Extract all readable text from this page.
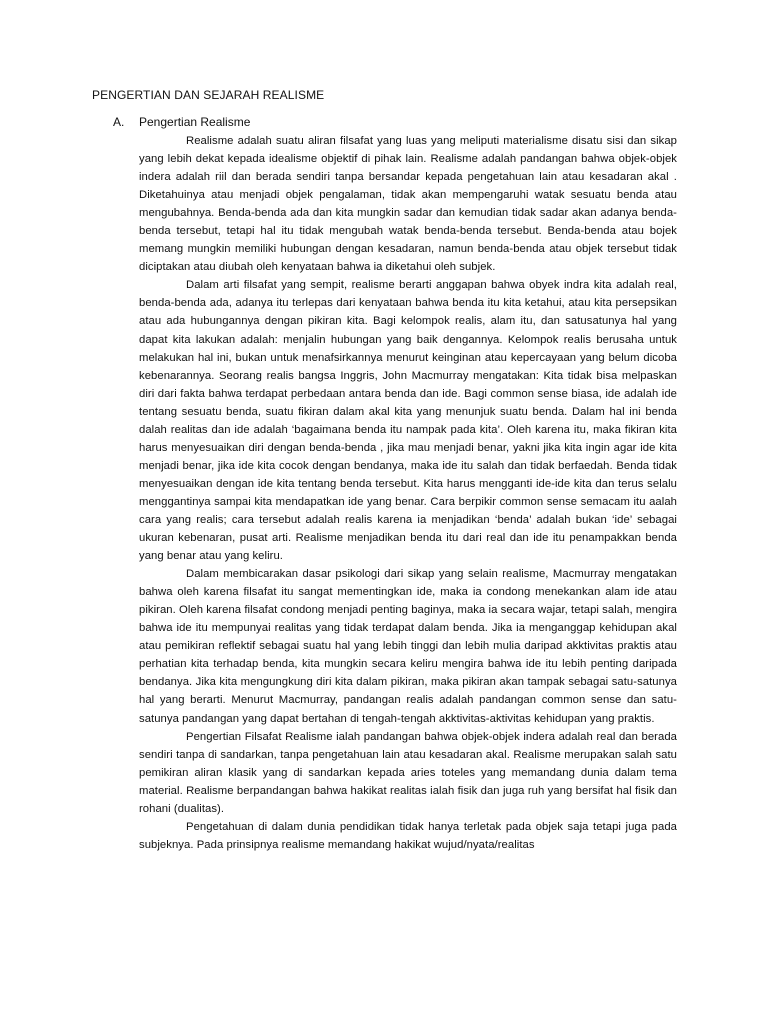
PENGERTIAN DAN SEJARAH REALISME
A. Pengertian Realisme

Realisme adalah suatu aliran filsafat yang luas yang meliputi materialisme disatu sisi dan sikap yang lebih dekat kepada idealisme objektif di pihak lain. Realisme adalah pandangan bahwa objek-objek indera adalah riil dan berada sendiri tanpa bersandar kepada pengetahuan lain atau kesadaran akal . Diketahuinya atau menjadi objek pengalaman, tidak akan mempengaruhi watak sesuatu benda atau mengubahnya. Benda-benda ada dan kita mungkin sadar dan kemudian tidak sadar akan adanya benda-benda tersebut, tetapi hal itu tidak mengubah watak benda-benda tersebut. Benda-benda atau bojek memang mungkin memiliki hubungan dengan kesadaran, namun benda-benda atau objek tersebut tidak diciptakan atau diubah oleh kenyataan bahwa ia diketahui oleh subjek.

Dalam arti filsafat yang sempit, realisme berarti anggapan bahwa obyek indra kita adalah real, benda-benda ada, adanya itu terlepas dari kenyataan bahwa benda itu kita ketahui, atau kita persepsikan atau ada hubungannya dengan pikiran kita. Bagi kelompok realis, alam itu, dan satusatunya hal yang dapat kita lakukan adalah: menjalin hubungan yang baik dengannya. Kelompok realis berusaha untuk melakukan hal ini, bukan untuk menafsirkannya menurut keinginan atau kepercayaan yang belum dicoba kebenarannya. Seorang realis bangsa Inggris, John Macmurray mengatakan: Kita tidak bisa melpaskan diri dari fakta bahwa terdapat perbedaan antara benda dan ide. Bagi common sense biasa, ide adalah ide tentang sesuatu benda, suatu fikiran dalam akal kita yang menunjuk suatu benda. Dalam hal ini benda dalah realitas dan ide adalah ‘bagaimana benda itu nampak pada kita’. Oleh karena itu, maka fikiran kita harus menyesuaikan diri dengan benda-benda , jika mau menjadi benar, yakni jika kita ingin agar ide kita menjadi benar, jika ide kita cocok dengan bendanya, maka ide itu salah dan tidak berfaedah. Benda tidak menyesuaikan dengan ide kita tentang benda tersebut. Kita harus mengganti ide-ide kita dan terus selalu menggantinya sampai kita mendapatkan ide yang benar. Cara berpikir common sense semacam itu aalah cara yang realis; cara tersebut adalah realis karena ia menjadikan ‘benda’ adalah bukan ‘ide’ sebagai ukuran kebenaran, pusat arti. Realisme menjadikan benda itu dari real dan ide itu penampakkan benda yang benar atau yang keliru.

Dalam membicarakan dasar psikologi dari sikap yang selain realisme, Macmurray mengatakan bahwa oleh karena filsafat itu sangat mementingkan ide, maka ia condong menekankan alam ide atau pikiran. Oleh karena filsafat condong menjadi penting baginya, maka ia secara wajar, tetapi salah, mengira bahwa ide itu mempunyai realitas yang tidak terdapat dalam benda. Jika ia menganggap kehidupan akal atau pemikiran reflektif sebagai suatu hal yang lebih tinggi dan lebih mulia daripad akktivitas praktis atau perhatian kita terhadap benda, kita mungkin secara keliru mengira bahwa ide itu lebih penting daripada bendanya. Jika kita mengungkung diri kita dalam pikiran, maka pikiran akan tampak sebagai satu-satunya hal yang berarti. Menurut Macmurray, pandangan realis adalah pandangan common sense dan satu-satunya pandangan yang dapat bertahan di tengah-tengah akktivitas-aktivitas kehidupan yang praktis.

Pengertian Filsafat Realisme ialah pandangan bahwa objek-objek indera adalah real dan berada sendiri tanpa di sandarkan, tanpa pengetahuan lain atau kesadaran akal. Realisme merupakan salah satu pemikiran aliran klasik yang di sandarkan kepada aries toteles yang memandang dunia dalam tema material. Realisme berpandangan bahwa hakikat realitas ialah fisik dan juga ruh yang bersifat hal fisik dan rohani (dualitas).

Pengetahuan di dalam dunia pendidikan tidak hanya terletak pada objek saja tetapi juga pada subjeknya. Pada prinsipnya realisme memandang hakikat wujud/nyata/realitas
